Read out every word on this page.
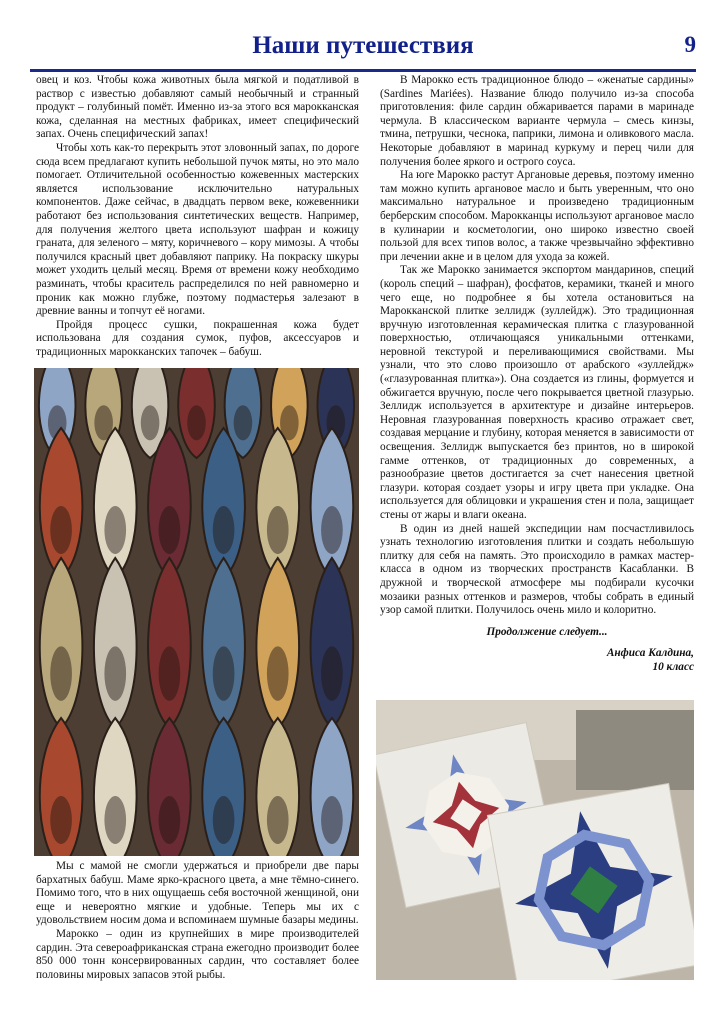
Наши путешествия	9

овец и коз. Чтобы кожа животных была мягкой и податливой в раствор с известью добавляют самый необычный и странный продукт – голубиный помёт. Именно из-за этого вся марокканская кожа, сделанная на местных фабриках, имеет специфический запах. Очень специфический запах!

Чтобы хоть как-то перекрыть этот зловонный запах, по дороге сюда всем предлагают купить небольшой пучок мяты, но это мало помогает. Отличительной особенностью кожевенных мастерских является использование исключительно натуральных компонентов. Даже сейчас, в двадцать первом веке, кожевенники работают без использования синтетических веществ. Например, для получения желтого цвета используют шафран и кожицу граната, для зеленого – мяту, коричневого – кору мимозы. А чтобы получился красный цвет добавляют паприку. На покраску шкуры может уходить целый месяц. Время от времени кожу необходимо разминать, чтобы краситель распределился по ней равномерно и проник как можно глубже, поэтому подмастерья залезают в древние ванны и топчут её ногами.

Пройдя процесс сушки, покрашенная кожа будет использована для создания сумок, пуфов, аксессуаров и традиционных марокканских тапочек – бабуш.

Мы с мамой не смогли удержаться и приобрели две пары бархатных бабуш. Маме ярко-красного цвета, а мне тёмно-синего. Помимо того, что в них ощущаешь себя восточной женщиной, они еще и невероятно мягкие и удобные. Теперь мы их с удовольствием носим дома и вспоминаем шумные базары медины.

Марокко – один из крупнейших в мире производителей сардин. Эта североафриканская страна ежегодно производит более 850 000 тонн консервированных сардин, что составляет более половины мировых запасов этой рыбы.

В Марокко есть традиционное блюдо – «женатые сардины» (Sardines Mariées). Название блюдо получило из-за способа приготовления: филе сардин обжаривается парами в маринаде чермула. В классическом варианте чермула – смесь кинзы, тмина, петрушки, чеснока, паприки, лимона и оливкового масла. Некоторые добавляют в маринад куркуму и перец чили для получения более яркого и острого соуса.

На юге Марокко растут Аргановые деревья, поэтому именно там можно купить аргановое масло и быть уверенным, что оно максимально натуральное и произведено традиционным берберским способом. Марокканцы используют аргановое масло в кулинарии и косметологии, оно широко известно своей пользой для всех типов волос, а также чрезвычайно эффективно при лечении акне и в целом для ухода за кожей.

Так же Марокко занимается экспортом мандаринов, специй (король специй – шафран), фосфатов, керамики, тканей и много чего еще, но подробнее я бы хотела остановиться на Марокканской плитке зеллидж (зуллейдж). Это традиционная вручную изготовленная керамическая плитка с глазурованной поверхностью, отличающаяся уникальными оттенками, неровной текстурой и переливающимися свойствами. Мы узнали, что это слово произошло от арабского «зуллейдж» («глазурованная плитка»). Она создается из глины, формуется и обжигается вручную, после чего покрывается цветной глазурью. Зеллидж используется в архитектуре и дизайне интерьеров. Неровная глазурованная поверхность красиво отражает свет, создавая мерцание и глубину, которая меняется в зависимости от освещения. Зеллидж выпускается без принтов, но в широкой гамме оттенков, от традиционных до современных, а разнообразие цветов достигается за счет нанесения цветной глазури. которая создает узоры и игру цвета при укладке. Она используется для облицовки и украшения стен и пола, защищает стены от жары и влаги океана.

В один из дней нашей экспедиции нам посчастливилось узнать технологию изготовления плитки и создать небольшую плитку для себя на память. Это происходило в рамках мастер-класса в одном из творческих пространств Касабланки. В дружной и творческой атмосфере мы подбирали кусочки мозаики разных оттенков и размеров, чтобы собрать в единый узор самой плитки. Получилось очень мило и колоритно.

Продолжение следует...

Анфиса Калдина,

10 класс
